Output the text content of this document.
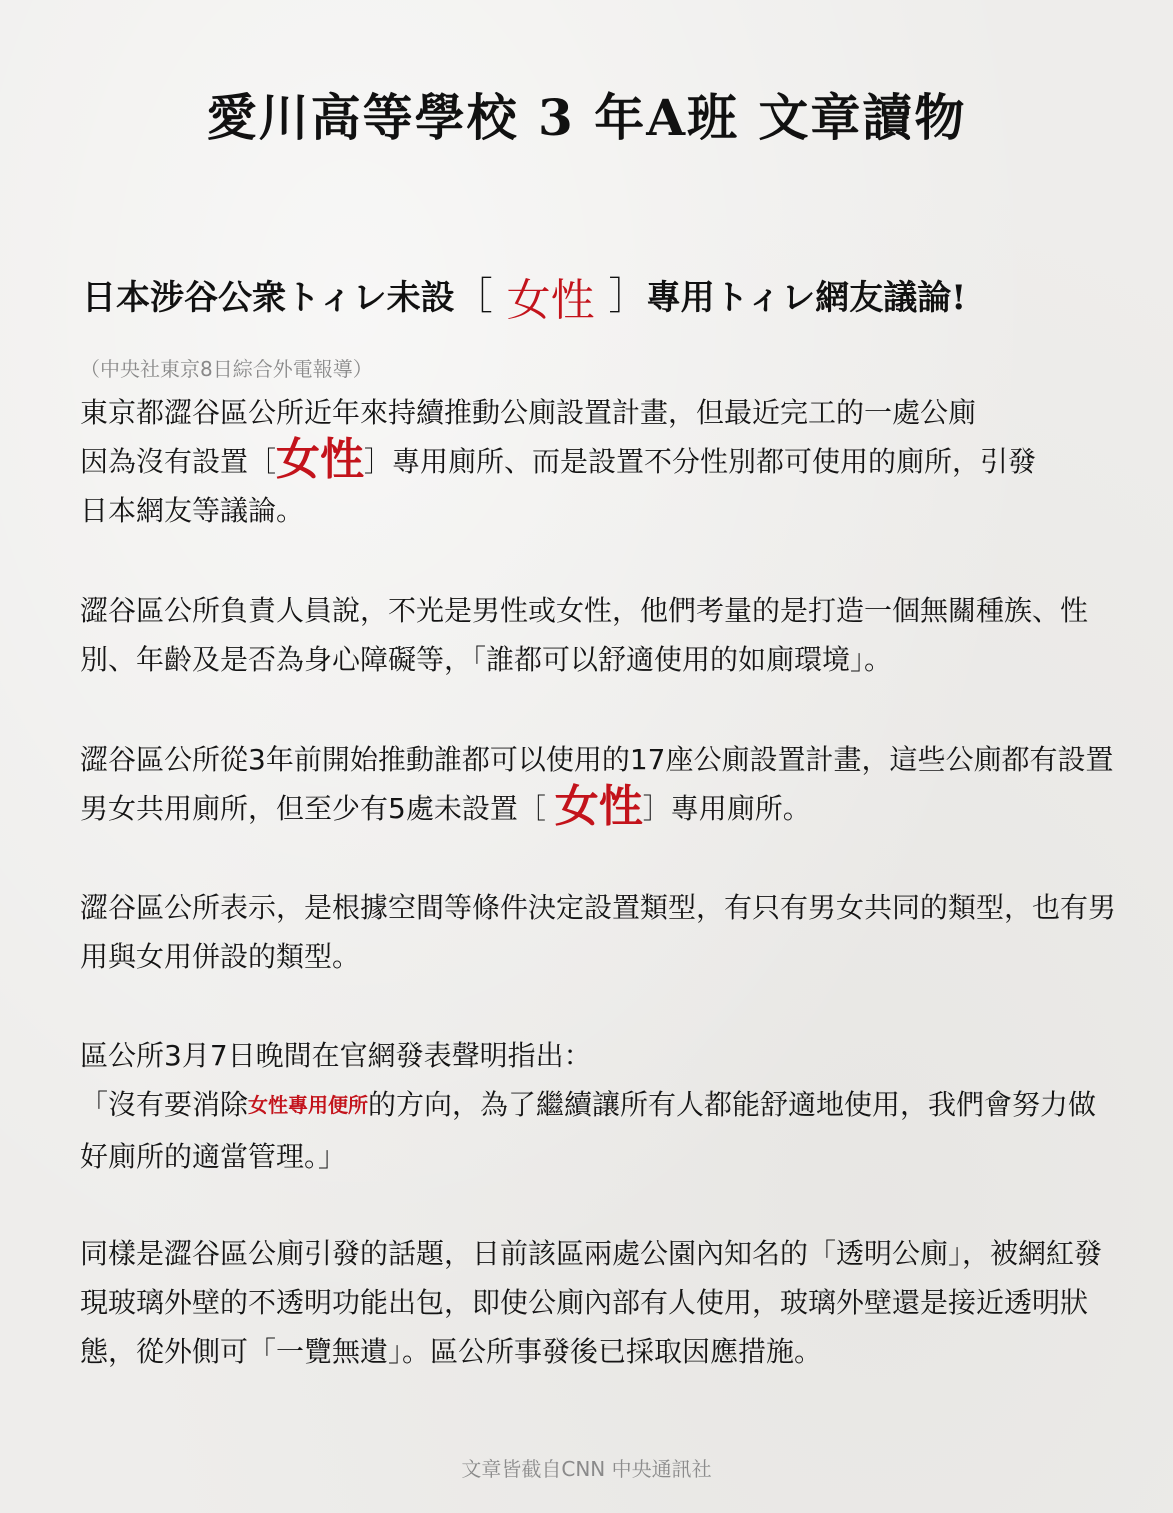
愛川高等學校 3 年A班 文章讀物
日本涉谷公衆トィレ未設［ 女性 ］專用トィレ網友議論!
（中央社東京8日綜合外電報導）

東京都澀谷區公所近年來持續推動公廁設置計畫，但最近完工的一處公廁
因為沒有設置［女性］專用廁所、而是設置不分性別都可使用的廁所，引發
日本網友等議論。

澀谷區公所負責人員說，不光是男性或女性，他們考量的是打造一個無關種族、性別、年齡及是否為身心障礙等，「誰都可以舒適使用的如廁環境」。

澀谷區公所從3年前開始推動誰都可以使用的17座公廁設置計畫，這些公廁都有設置男女共用廁所，但至少有5處未設置［ 女性］專用廁所。

澀谷區公所表示，是根據空間等條件決定設置類型，有只有男女共同的類型，也有男用與女用併設的類型。

區公所3月7日晚間在官網發表聲明指出：
「沒有要消除女性專用便所的方向，為了繼續讓所有人都能舒適地使用，我們會努力做好廁所的適當管理。」

同樣是澀谷區公廁引發的話題，日前該區兩處公園內知名的「透明公廁」，被網紅發現玻璃外壁的不透明功能出包，即使公廁內部有人使用，玻璃外壁還是接近透明狀態，從外側可「一覽無遺」。區公所事發後已採取因應措施。

文章皆截自CNN 中央通訊社
